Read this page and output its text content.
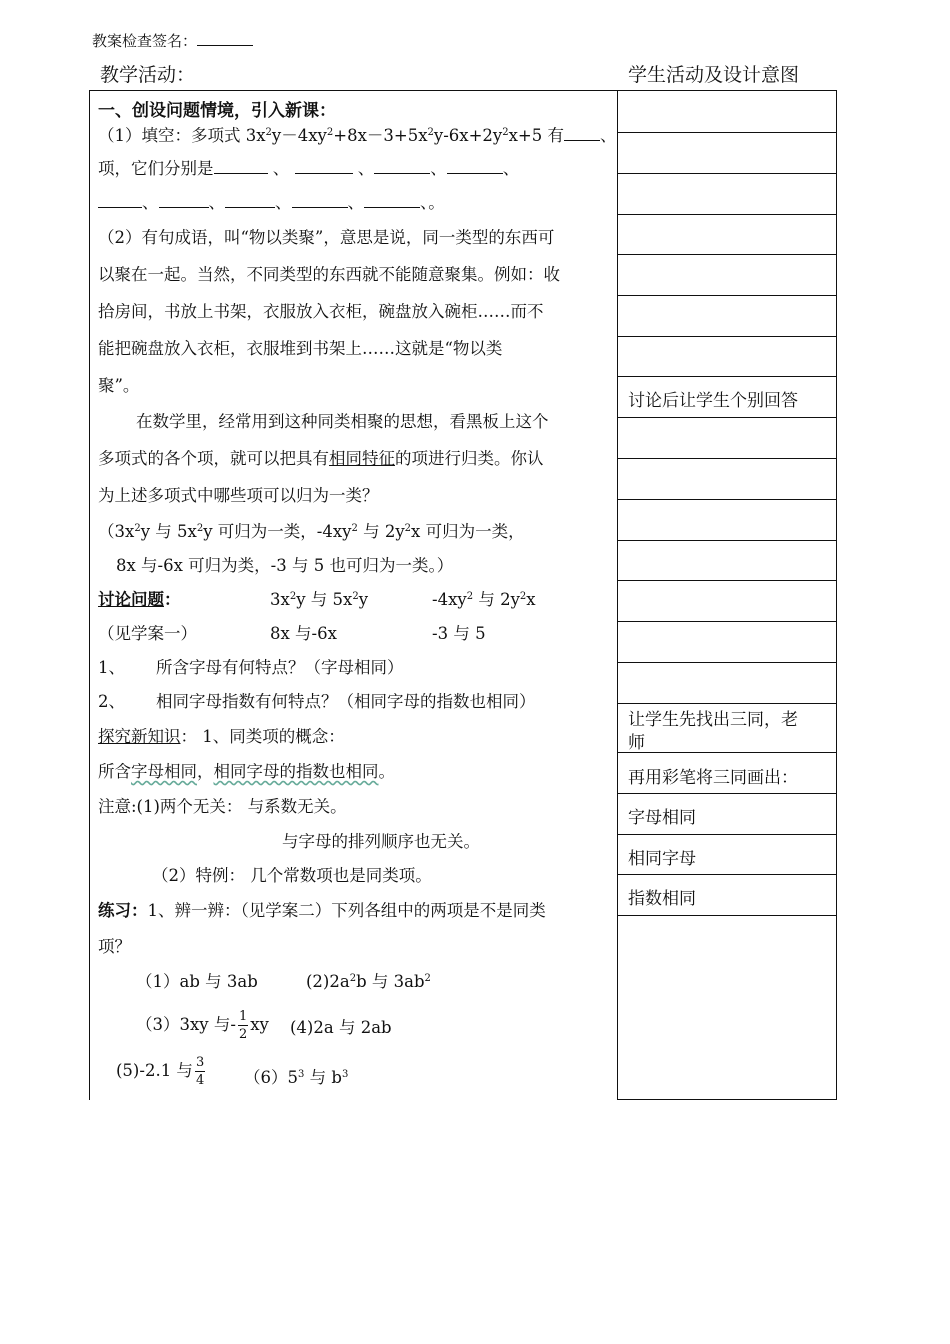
教案检查签名：
教学活动：	学生活动及设计意图
一、创设问题情境，引入新课：
（1）填空：多项式 $3x^2y-4xy^2+8x-3+5x^2y-6x+2y^2x+5$ 有 、
项，它们分别是	、	、	、	、
、	、	、	、	、。
（2）有句成语，叫“物以类聚”，意思是说，同一类型的东西可
以聚在一起。当然，不同类型的东西就不能随意聚集。例如：收
拾房间，书放上书架，衣服放入衣柜，碗盘放入碗柜……而不
能把碗盘放入衣柜，衣服堆到书架上……这就是“物以类
聚”。
在数学里，经常用到这种同类相聚的思想，看黑板上这个
多项式的各个项，就可以把具有相同特征的项进行归类。你认
为上述多项式中哪些项可以归为一类？
（$3x^2y$ 与 $5x^2y$ 可归为一类，$-4xy^2$ 与 $2y^2x$ 可归为一类，
8x 与-6x 可归为类，-3 与 5 也可归为一类。）
讨论问题：	$3x^2y$ 与 $5x^2y$	$-4xy^2$ 与 $2y^2x$
（见学案一）	8x 与-6x	-3 与 5
1、 所含字母有何特点？（字母相同）
2、 相同字母指数有何特点？（相同字母的指数也相同）
探究新知识： 1、同类项的概念：
所含字母相同，相同字母的指数也相同。
注意:(1)两个无关： 与系数无关。
与字母的排列顺序也无关。
（2）特例： 几个常数项也是同类项。
练习：1、辨一辨：（见学案二）下列各组中的两项是不是同类
项？
（1）ab 与 3ab	$(2)2a^2b$ 与 $3ab^2$
（3）3xy 与- $\frac{1}{2}$ xy (4)2a 与 2ab
(5)-2.1 与 $\frac{3}{4} (6)5^3$ 与 $b^3$
讨论后让学生个别回答
让学生先找出三同，老
师
再用彩笔将三同画出：
字母相同
相同字母
指数相同
